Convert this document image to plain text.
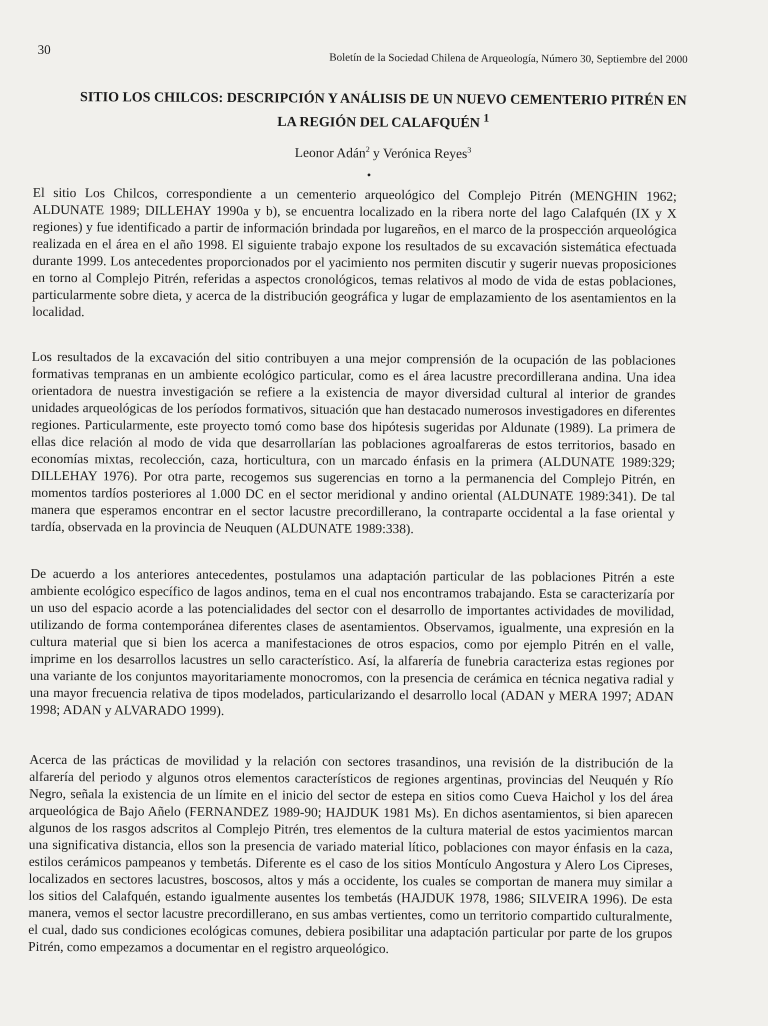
30
Boletín de la Sociedad Chilena de Arqueología, Número 30, Septiembre del 2000
SITIO LOS CHILCOS: DESCRIPCIÓN Y ANÁLISIS DE UN NUEVO CEMENTERIO PITRÉN EN
LA REGIÓN DEL CALAFQUÉN $^1$
Leonor Adán$^2$ y Verónica Reyes$^3$
•

El sitio Los Chilcos, correspondiente a un cementerio arqueológico del Complejo Pitrén (MENGHIN 1962; ALDUNATE 1989; DILLEHAY 1990a y b), se encuentra localizado en la ribera norte del lago Calafquén (IX y X regiones) y fue identificado a partir de información brindada por lugareños, en el marco de la prospección arqueológica realizada en el área en el año 1998. El siguiente trabajo expone los resultados de su excavación sistemática efectuada durante 1999. Los antecedentes proporcionados por el yacimiento nos permiten discutir y sugerir nuevas proposiciones en torno al Complejo Pitrén, referidas a aspectos cronológicos, temas relativos al modo de vida de estas poblaciones, particularmente sobre dieta, y acerca de la distribución geográfica y lugar de emplazamiento de los asentamientos en la localidad.

Los resultados de la excavación del sitio contribuyen a una mejor comprensión de la ocupación de las poblaciones formativas tempranas en un ambiente ecológico particular, como es el área lacustre precordillerana andina. Una idea orientadora de nuestra investigación se refiere a la existencia de mayor diversidad cultural al interior de grandes unidades arqueológicas de los períodos formativos, situación que han destacado numerosos investigadores en diferentes regiones. Particularmente, este proyecto tomó como base dos hipótesis sugeridas por Aldunate (1989). La primera de ellas dice relación al modo de vida que desarrollarían las poblaciones agroalfareras de estos territorios, basado en economías mixtas, recolección, caza, horticultura, con un marcado énfasis en la primera (ALDUNATE 1989:329; DILLEHAY 1976). Por otra parte, recogemos sus sugerencias en torno a la permanencia del Complejo Pitrén, en momentos tardíos posteriores al 1.000 DC en el sector meridional y andino oriental (ALDUNATE 1989:341). De tal manera que esperamos encontrar en el sector lacustre precordillerano, la contraparte occidental a la fase oriental y tardía, observada en la provincia de Neuquen (ALDUNATE 1989:338).

De acuerdo a los anteriores antecedentes, postulamos una adaptación particular de las poblaciones Pitrén a este ambiente ecológico específico de lagos andinos, tema en el cual nos encontramos trabajando. Esta se caracterizaría por un uso del espacio acorde a las potencialidades del sector con el desarrollo de importantes actividades de movilidad, utilizando de forma contemporánea diferentes clases de asentamientos. Observamos, igualmente, una expresión en la cultura material que si bien los acerca a manifestaciones de otros espacios, como por ejemplo Pitrén en el valle, imprime en los desarrollos lacustres un sello característico. Así, la alfarería de funebria caracteriza estas regiones por una variante de los conjuntos mayoritariamente monocromos, con la presencia de cerámica en técnica negativa radial y una mayor frecuencia relativa de tipos modelados, particularizando el desarrollo local (ADAN y MERA 1997; ADAN 1998; ADAN y ALVARADO 1999).

Acerca de las prácticas de movilidad y la relación con sectores trasandinos, una revisión de la distribución de la alfarería del periodo y algunos otros elementos característicos de regiones argentinas, provincias del Neuquén y Río Negro, señala la existencia de un límite en el inicio del sector de estepa en sitios como Cueva Haichol y los del área arqueológica de Bajo Añelo (FERNANDEZ 1989-90; HAJDUK 1981 Ms). En dichos asentamientos, si bien aparecen algunos de los rasgos adscritos al Complejo Pitrén, tres elementos de la cultura material de estos yacimientos marcan una significativa distancia, ellos son la presencia de variado material lítico, poblaciones con mayor énfasis en la caza, estilos cerámicos pampeanos y tembetás. Diferente es el caso de los sitios Montículo Angostura y Alero Los Cipreses, localizados en sectores lacustres, boscosos, altos y más a occidente, los cuales se comportan de manera muy similar a los sitios del Calafquén, estando igualmente ausentes los tembetás (HAJDUK 1978, 1986; SILVEIRA 1996). De esta manera, vemos el sector lacustre precordillerano, en sus ambas vertientes, como un territorio compartido culturalmente, el cual, dado sus condiciones ecológicas comunes, debiera posibilitar una adaptación particular por parte de los grupos Pitrén, como empezamos a documentar en el registro arqueológico.
